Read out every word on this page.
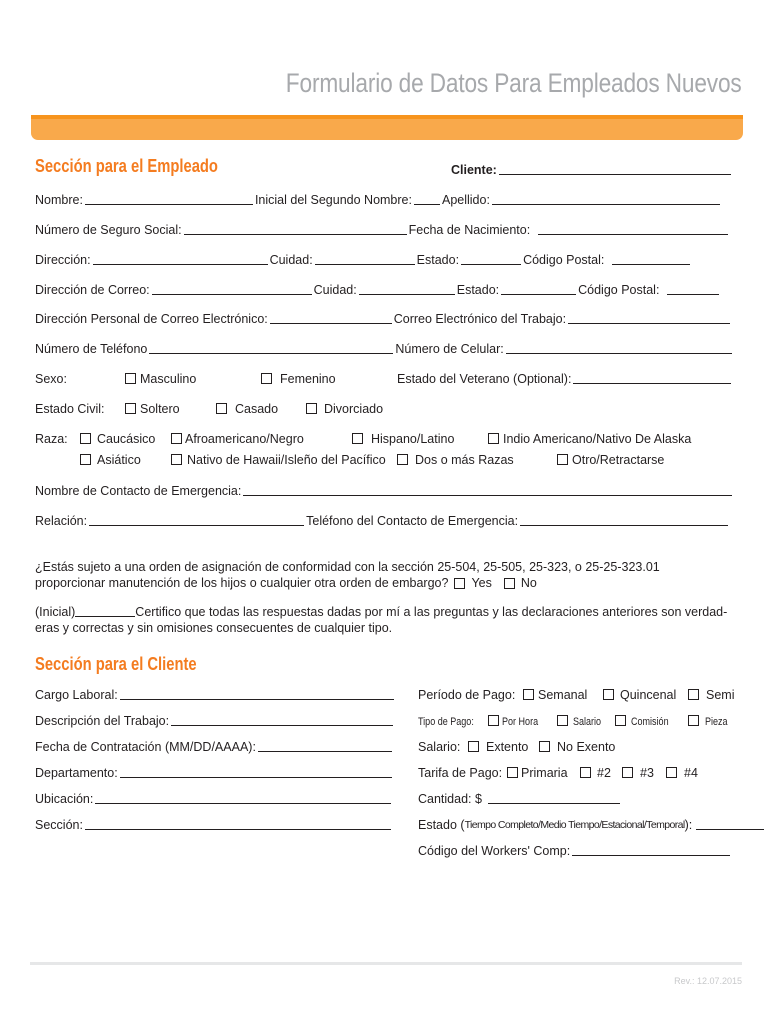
Formulario de Datos Para Empleados Nuevos
Sección para el Empleado	Cliente:
Nombre:	Inicial del Segundo Nombre: Apellido:
Número de Seguro Social:	Fecha de Nacimiento:
Dirección:	Cuidad:	Estado:	Código Postal:
Dirección de Correo:	Cuidad:	Estado:	Código Postal:
Dirección Personal de Correo Electrónico:	Correo Electrónico del Trabajo:
Número de Teléfono	Número de Celular:
Sexo:	Masculino	Femenino	Estado del Veterano (Optional):
Estado Civil:	Soltero	Casado	Divorciado
Raza: Caucásico Afroamericano/Negro	Hispano/Latino	Indio Americano/Nativo De Alaska
Asiático	Nativo de Hawaii/Isleño del Pacífico Dos o más Razas	Otro/Retractarse
Nombre de Contacto de Emergencia:
Relación:	Teléfono del Contacto de Emergencia:
¿Estás sujeto a una orden de asignación de conformidad con la sección 25-504, 25-505, 25-323, o 25-25-323.01
proporcionar manutención de los hijos o cualquier otra orden de embargo? Yes No
(Inicial)	Certifico que todas las respuestas dadas por mí a las preguntas y las declaraciones anteriores son verdad-
eras y correctas y sin omisiones consecuentes de cualquier tipo.
Sección para el Cliente
Cargo Laboral:
Descripción del Trabajo:
Fecha de Contratación (MM/DD/AAAA):
Departamento:
Ubicación:
Sección:
Período de Pago: Semanal	Quincenal Semi
Tipo de Pago:	Por Hora	Salario	Comisión	Pieza
Salario: Extento No Exento
Tarifa de Pago: Primaria #2 #3 #4
Cantidad: $
Estado ( Tiempo Completo/Medio Tiempo/Estacional/Temporal ):
Código del Workers' Comp:
Rev.: 12.07.2015
